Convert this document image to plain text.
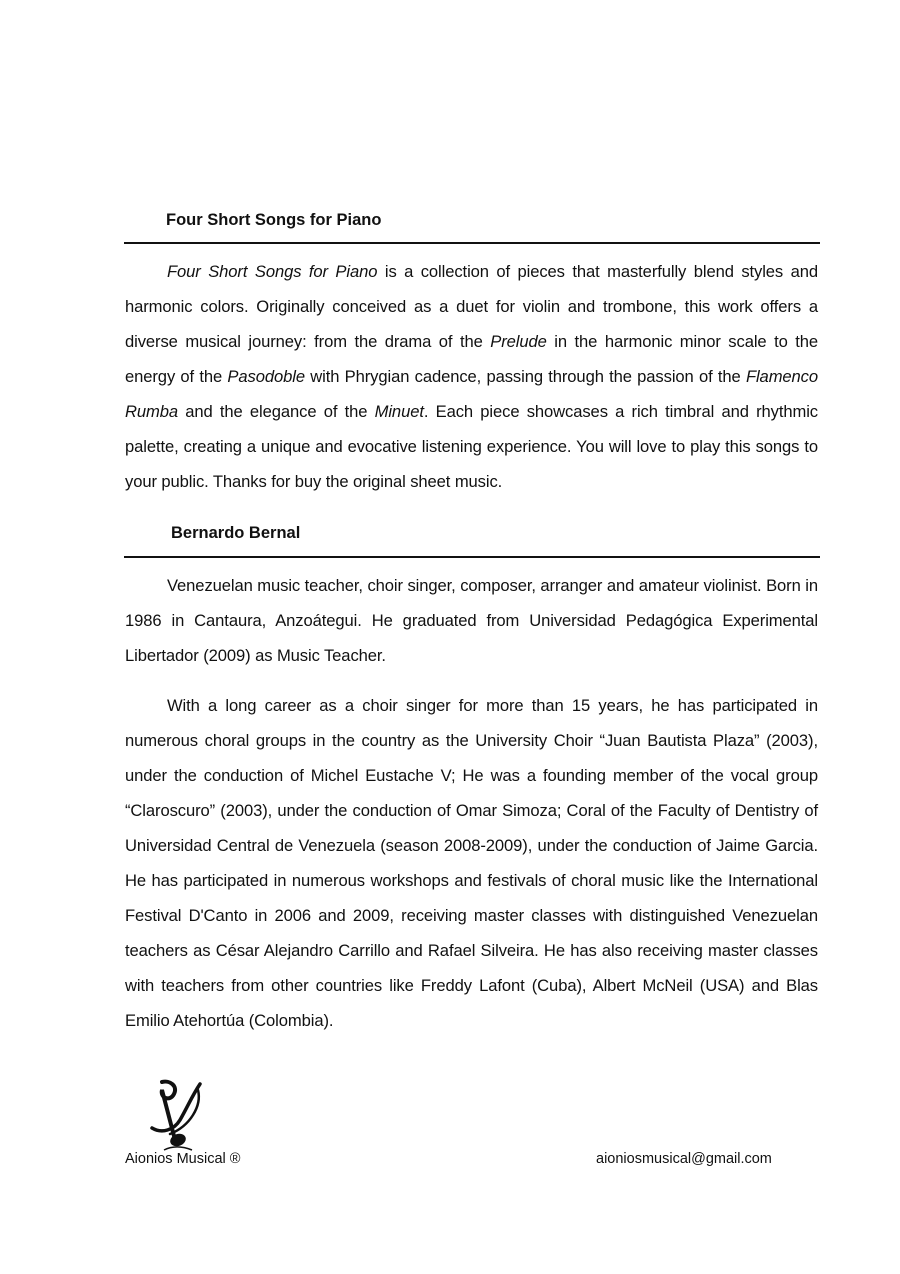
Four Short Songs for Piano

Four Short Songs for Piano is a collection of pieces that masterfully blend styles and harmonic colors. Originally conceived as a duet for violin and trombone, this work offers a diverse musical journey: from the drama of the Prelude in the harmonic minor scale to the energy of the Pasodoble with Phrygian cadence, passing through the passion of the Flamenco Rumba and the elegance of the Minuet. Each piece showcases a rich timbral and rhythmic palette, creating a unique and evocative listening experience. You will love to play this songs to your public. Thanks for buy the original sheet music.

Bernardo Bernal

Venezuelan music teacher, choir singer, composer, arranger and amateur violinist. Born in 1986 in Cantaura, Anzoátegui. He graduated from Universidad Pedagógica Experimental Libertador (2009) as Music Teacher.

With a long career as a choir singer for more than 15 years, he has participated in numerous choral groups in the country as the University Choir “Juan Bautista Plaza” (2003), under the conduction of Michel Eustache V; He was a founding member of the vocal group “Claroscuro” (2003), under the conduction of Omar Simoza; Coral of the Faculty of Dentistry of Universidad Central de Venezuela (season 2008-2009), under the conduction of Jaime Garcia. He has participated in numerous workshops and festivals of choral music like the International Festival D'Canto in 2006 and 2009, receiving master classes with distinguished Venezuelan teachers as César Alejandro Carrillo and Rafael Silveira. He has also receiving master classes with teachers from other countries like Freddy Lafont (Cuba), Albert McNeil (USA) and Blas Emilio Atehortúa (Colombia).

Aionios Musical ®	aioniosmusical@gmail.com
